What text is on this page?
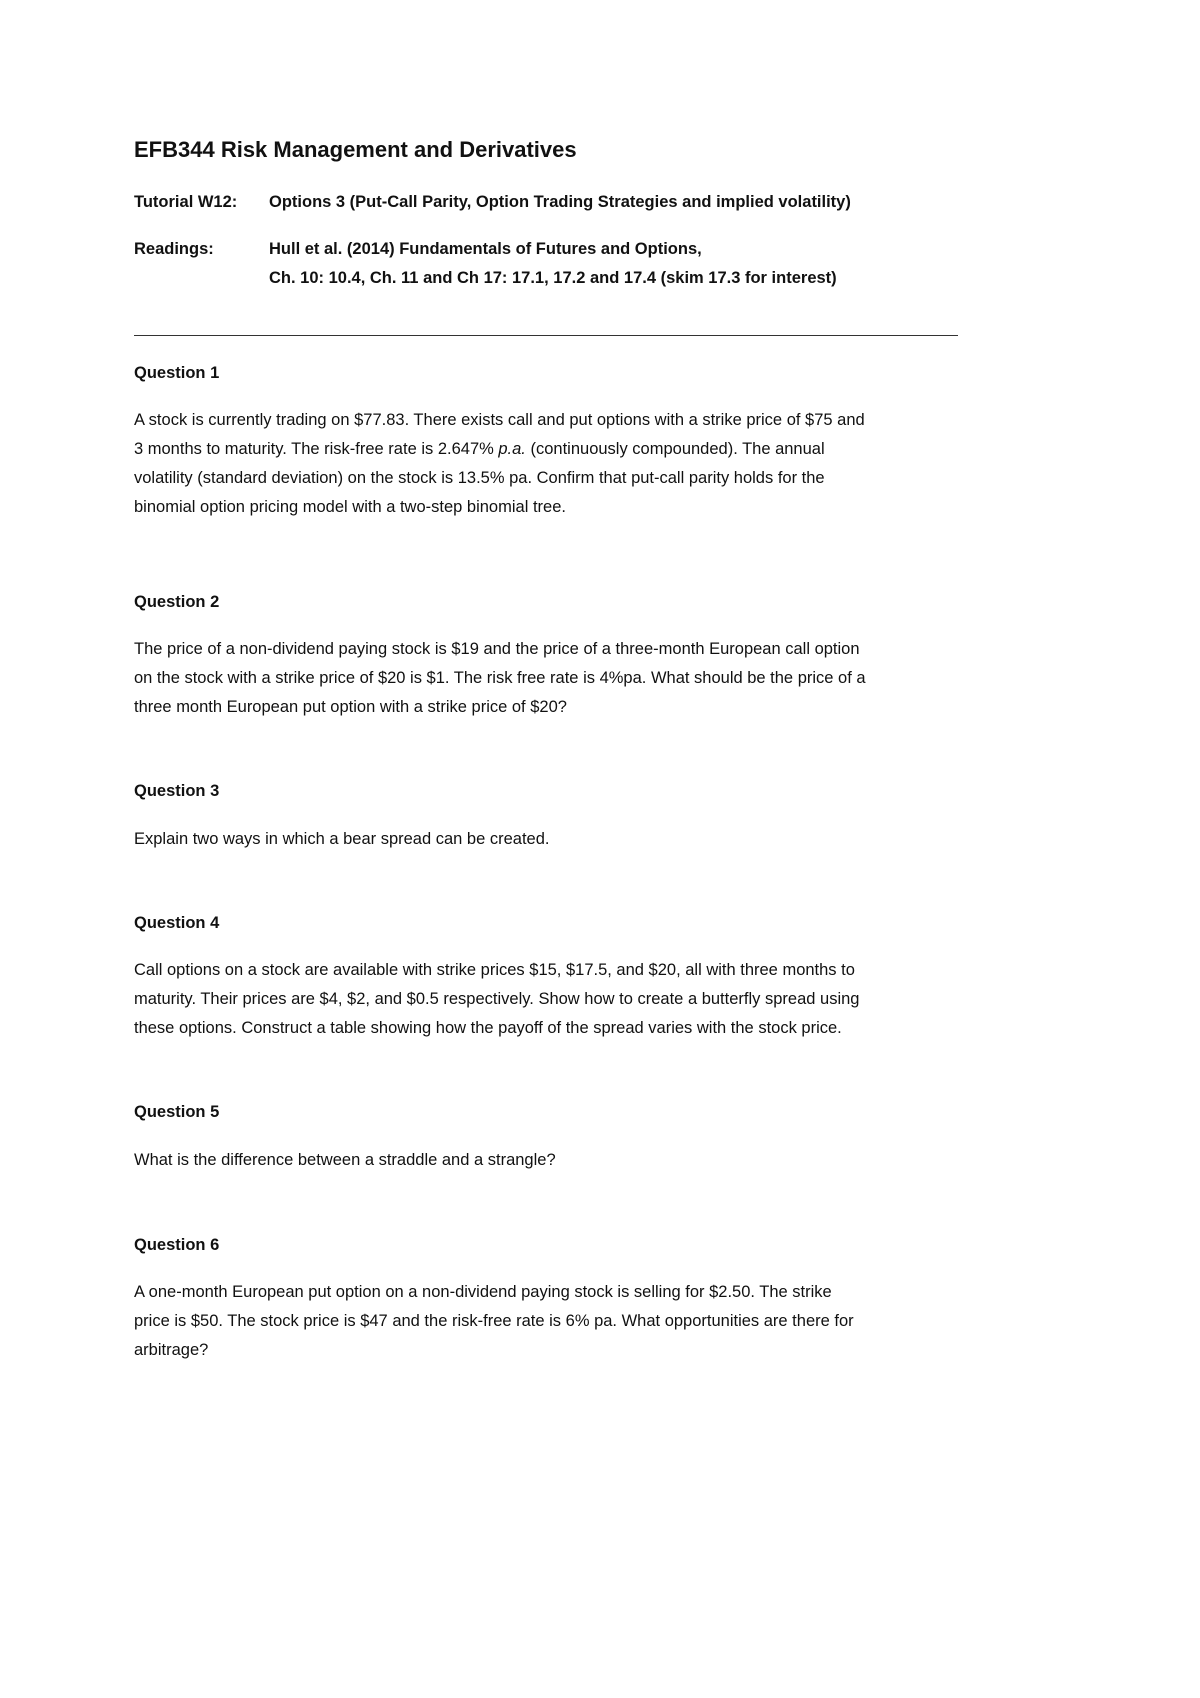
EFB344 Risk Management and Derivatives
Tutorial W12: Options 3 (Put-Call Parity, Option Trading Strategies and implied volatility)
Readings:	Hull et al. (2014) Fundamentals of Futures and Options,
Ch. 10: 10.4, Ch. 11 and Ch 17: 17.1, 17.2 and 17.4 (skim 17.3 for interest)
Question 1
A stock is currently trading on $77.83. There exists call and put options with a strike price of $75 and
3 months to maturity. The risk-free rate is 2.647% p.a. (continuously compounded). The annual
volatility (standard deviation) on the stock is 13.5% pa. Confirm that put-call parity holds for the
binomial option pricing model with a two-step binomial tree.
Question 2
The price of a non-dividend paying stock is $19 and the price of a three-month European call option
on the stock with a strike price of $20 is $1. The risk free rate is 4%pa. What should be the price of a
three month European put option with a strike price of $20?
Question 3
Explain two ways in which a bear spread can be created.
Question 4
Call options on a stock are available with strike prices $15, $17.5, and $20, all with three months to
maturity. Their prices are $4, $2, and $0.5 respectively. Show how to create a butterfly spread using
these options. Construct a table showing how the payoff of the spread varies with the stock price.
Question 5
What is the difference between a straddle and a strangle?
Question 6
A one-month European put option on a non-dividend paying stock is selling for $2.50. The strike
price is $50. The stock price is $47 and the risk-free rate is 6% pa. What opportunities are there for
arbitrage?
